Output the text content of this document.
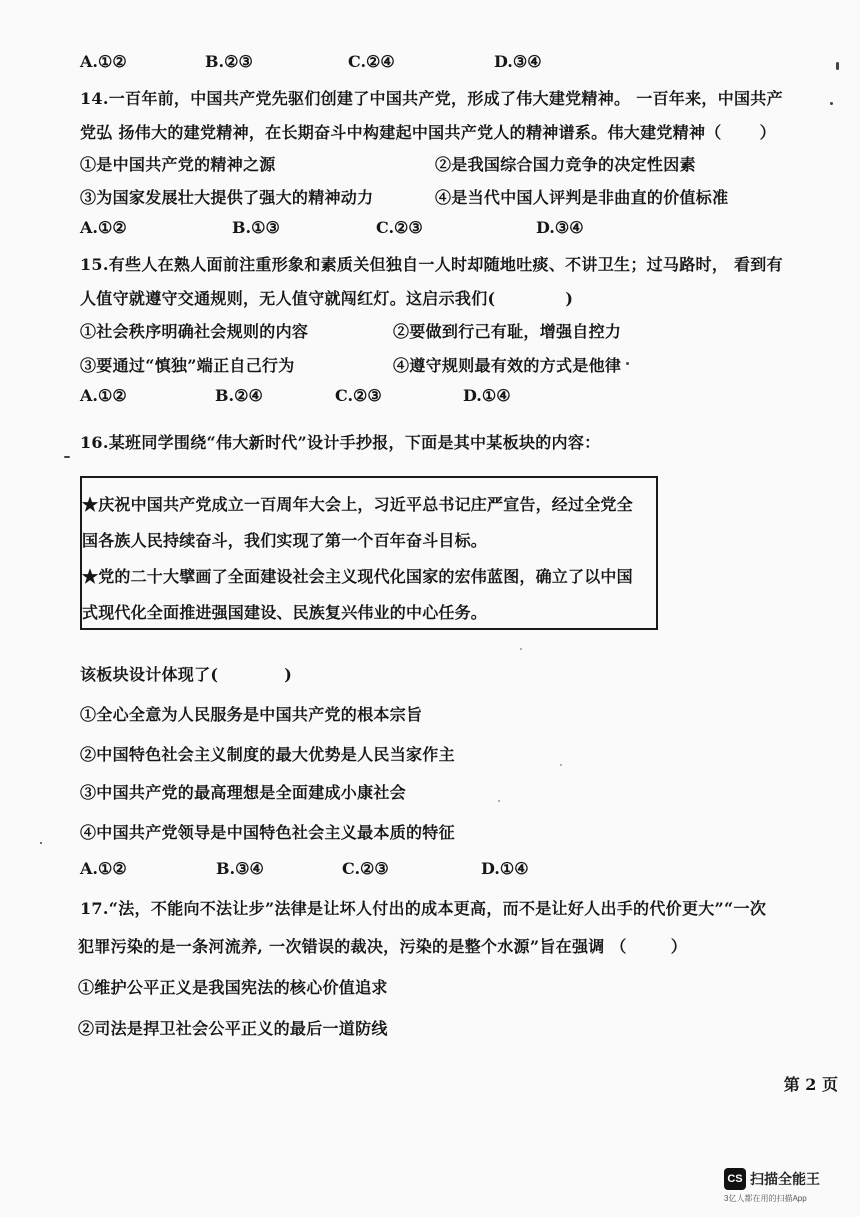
A.①②	B.②③	C.②④	D.③④
14.一百年前，中国共产党先驱们创建了中国共产党，形成了伟大建党精神。 一百年来，中国共产
党弘 扬伟大的建党精神，在长期奋斗中构建起中国共产党人的精神谱系。伟大建党精神（ ）
①是中国共产党的精神之源	②是我国综合国力竞争的决定性因素
③为国家发展壮大提供了强大的精神动力	④是当代中国人评判是非曲直的价值标准
A.①②	B.①③	C.②③	D.③④
15.有些人在熟人面前注重形象和素质关但独自一人时却随地吐痰、不讲卫生；过马路时， 看到有
人值守就遵守交通规则，无人值守就闯红灯。这启示我们(	)
①社会秩序明确社会规则的内容	②要做到行己有耻，增强自控力
③要通过“慎独”端正自己行为	④遵守规则最有效的方式是他律
A.①②	B.②④	C.②③	D.①④
16.某班同学围绕“伟大新时代”设计手抄报，下面是其中某板块的内容：
★庆祝中国共产党成立一百周年大会上，习近平总书记庄严宣告，经过全党全
国各族人民持续奋斗，我们实现了第一个百年奋斗目标。
★党的二十大擘画了全面建设社会主义现代化国家的宏伟蓝图，确立了以中国
式现代化全面推进强国建设、民族复兴伟业的中心任务。
该板块设计体现了(	)
①全心全意为人民服务是中国共产党的根本宗旨
②中国特色社会主义制度的最大优势是人民当家作主
③中国共产党的最高理想是全面建成小康社会
④中国共产党领导是中国特色社会主义最本质的特征
A.①②	B.③④	C.②③	D.①④
17.“法，不能向不法让步”法律是让坏人付出的成本更高，而不是让好人出手的代价更大”“一次
犯罪污染的是一条河流养, 一次错误的裁决，污染的是整个水源”旨在强调 （	）
①维护公平正义是我国宪法的核心价值追求
②司法是捍卫社会公平正义的最后一道防线
第 2 页
CS 扫描全能王
3亿人都在用的扫描App
